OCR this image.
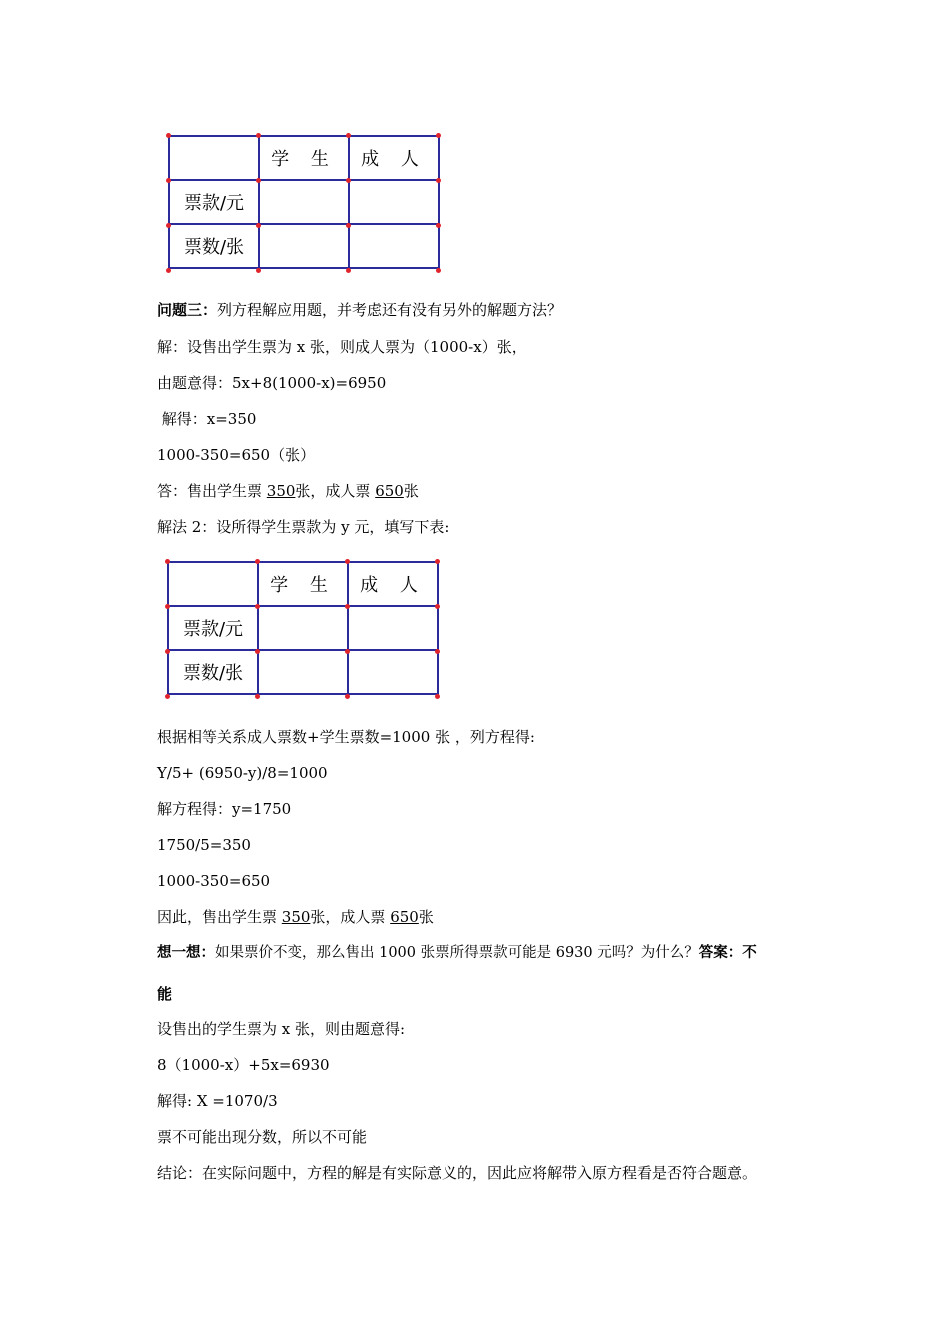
	学 生	成 人
票款/元		
票数/张		
问题三：列方程解应用题，并考虑还有没有另外的解题方法？
解：设售出学生票为 x 张，则成人票为（1000-x）张，
由题意得：5x+8(1000-x)=6950
解得：x=350
1000-350=650（张）
答：售出学生票 350张，成人票 650张
解法 2：设所得学生票款为 y 元，填写下表:
	学 生	成 人
票款/元		
票数/张		
根据相等关系成人票数+学生票数=1000 张 ，列方程得:
Y/5+ (6950-y)/8=1000
解方程得：y=1750
1750/5=350
1000-350=650
因此，售出学生票 350张，成人票 650张
想一想：如果票价不变，那么售出 1000 张票所得票款可能是 6930 元吗？为什么？答案：不
能
设售出的学生票为 x 张，则由题意得:
8（1000-x）+5x=6930
解得: X =1070/3
票不可能出现分数，所以不可能
结论：在实际问题中，方程的解是有实际意义的，因此应将解带入原方程看是否符合题意。
